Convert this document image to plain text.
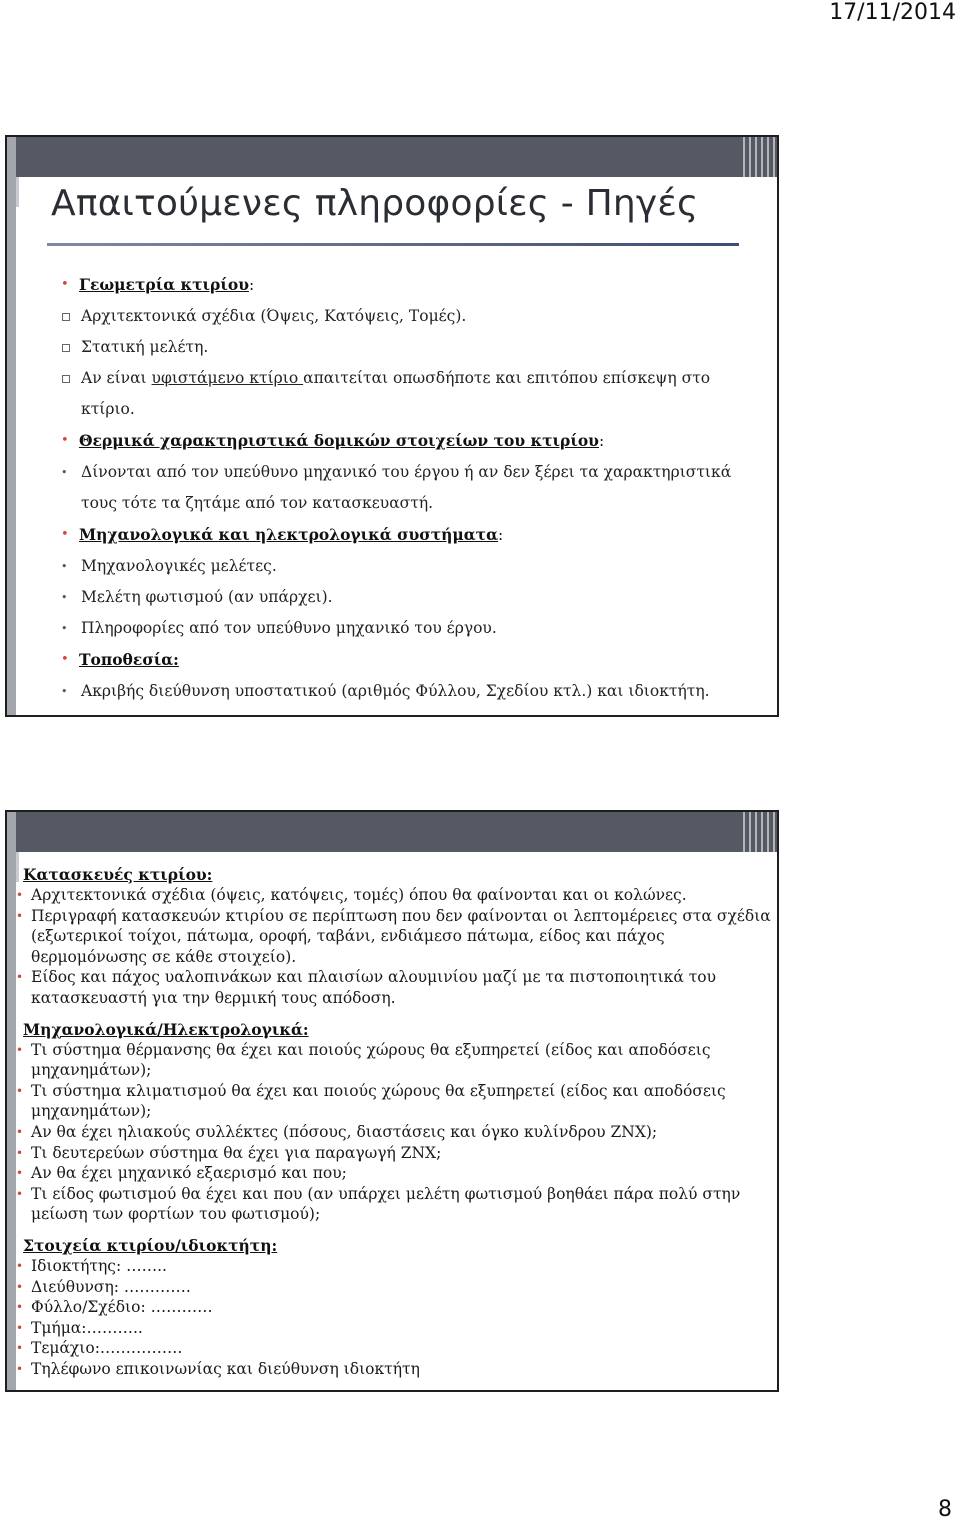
17/11/2014
Απαιτούμενες πληροφορίες - Πηγές
• Γεωμετρία κτιρίου:
Αρχιτεκτονικά σχέδια (Όψεις, Κατόψεις, Τομές).
Στατική μελέτη.
Αν είναι υφιστάμενο κτίριο απαιτείται οπωσδήποτε και επιτόπου επίσκεψη στο
κτίριο.
• Θερμικά χαρακτηριστικά δομικών στοιχείων του κτιρίου:
• Δίνονται από τον υπεύθυνο μηχανικό του έργου ή αν δεν ξέρει τα χαρακτηριστικά
τους τότε τα ζητάμε από τον κατασκευαστή.
• Μηχανολογικά και ηλεκτρολογικά συστήματα:
• Μηχανολογικές μελέτες.
• Μελέτη φωτισμού (αν υπάρχει).
• Πληροφορίες από τον υπεύθυνο μηχανικό του έργου.
• Τοποθεσία:
• Ακριβής διεύθυνση υποστατικού (αριθμός Φύλλου, Σχεδίου κτλ.) και ιδιοκτήτη.
Κατασκευές κτιρίου:
• Αρχιτεκτονικά σχέδια (όψεις, κατόψεις, τομές) όπου θα φαίνονται και οι κολώνες.
• Περιγραφή κατασκευών κτιρίου σε περίπτωση που δεν φαίνονται οι λεπτομέρειες στα σχέδια (εξωτερικοί τοίχοι, πάτωμα, οροφή, ταβάνι, ενδιάμεσο πάτωμα, είδος και πάχος θερμομόνωσης σε κάθε στοιχείο).
• Είδος και πάχος υαλοπινάκων και πλαισίων αλουμινίου μαζί με τα πιστοποιητικά του κατασκευαστή για την θερμική τους απόδοση.
Μηχανολογικά/Ηλεκτρολογικά:
• Τι σύστημα θέρμανσης θα έχει και ποιούς χώρους θα εξυπηρετεί (είδος και αποδόσεις μηχανημάτων);
• Τι σύστημα κλιματισμού θα έχει και ποιούς χώρους θα εξυπηρετεί (είδος και αποδόσεις μηχανημάτων);
• Αν θα έχει ηλιακούς συλλέκτες (πόσους, διαστάσεις και όγκο κυλίνδρου ΖΝΧ);
• Τι δευτερεύων σύστημα θα έχει για παραγωγή ΖΝΧ;
• Αν θα έχει μηχανικό εξαερισμό και που;
• Τι είδος φωτισμού θα έχει και που (αν υπάρχει μελέτη φωτισμού βοηθάει πάρα πολύ στην μείωση των φορτίων του φωτισμού);
Στοιχεία κτιρίου/ιδιοκτήτη:
• Ιδιοκτήτης: ……..
• Διεύθυνση: ………….
• Φύλλο/Σχέδιο: …………
• Τμήμα:………..
• Τεμάχιο:…………….
• Τηλέφωνο επικοινωνίας και διεύθυνση ιδιοκτήτη
8
